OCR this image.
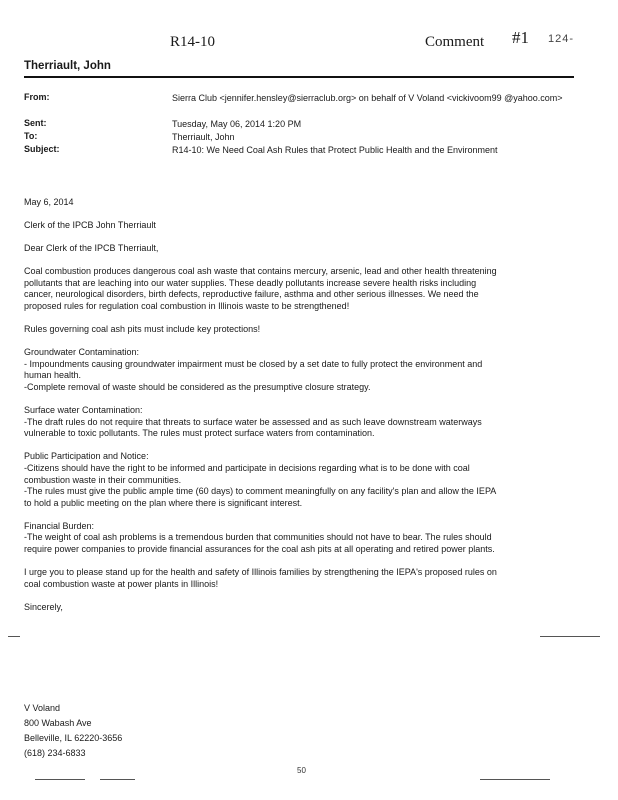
R14-10	Comment #1 124-
Therriault, John
From:	Sierra Club <jennifer.hensley@sierraclub.org> on behalf of V Voland <vickivoom99 @yahoo.com>
Sent:	Tuesday, May 06, 2014 1:20 PM
To:	Therriault, John
Subject:	R14-10: We Need Coal Ash Rules that Protect Public Health and the Environment

May 6, 2014

Clerk of the IPCB John Therriault

Dear Clerk of the IPCB Therriault,

Coal combustion produces dangerous coal ash waste that contains mercury, arsenic, lead and other health threatening
pollutants that are leaching into our water supplies. These deadly pollutants increase severe health risks including
cancer, neurological disorders, birth defects, reproductive failure, asthma and other serious illnesses. We need the
proposed rules for regulation coal combustion in Illinois waste to be strengthened!

Rules governing coal ash pits must include key protections!

Groundwater Contamination:
- Impoundments causing groundwater impairment must be closed by a set date to fully protect the environment and
human health.
-Complete removal of waste should be considered as the presumptive closure strategy.

Surface water Contamination:
-The draft rules do not require that threats to surface water be assessed and as such leave downstream waterways
vulnerable to toxic pollutants. The rules must protect surface waters from contamination.

Public Participation and Notice:
-Citizens should have the right to be informed and participate in decisions regarding what is to be done with coal
combustion waste in their communities.
-The rules must give the public ample time (60 days) to comment meaningfully on any facility's plan and allow the IEPA
to hold a public meeting on the plan where there is significant interest.

Financial Burden:
-The weight of coal ash problems is a tremendous burden that communities should not have to bear. The rules should
require power companies to provide financial assurances for the coal ash pits at all operating and retired power plants.

I urge you to please stand up for the health and safety of Illinois families by strengthening the IEPA's proposed rules on
coal combustion waste at power plants in Illinois!

Sincerely,

V Voland
800 Wabash Ave
Belleville, IL 62220-3656
(618) 234-6833
50
